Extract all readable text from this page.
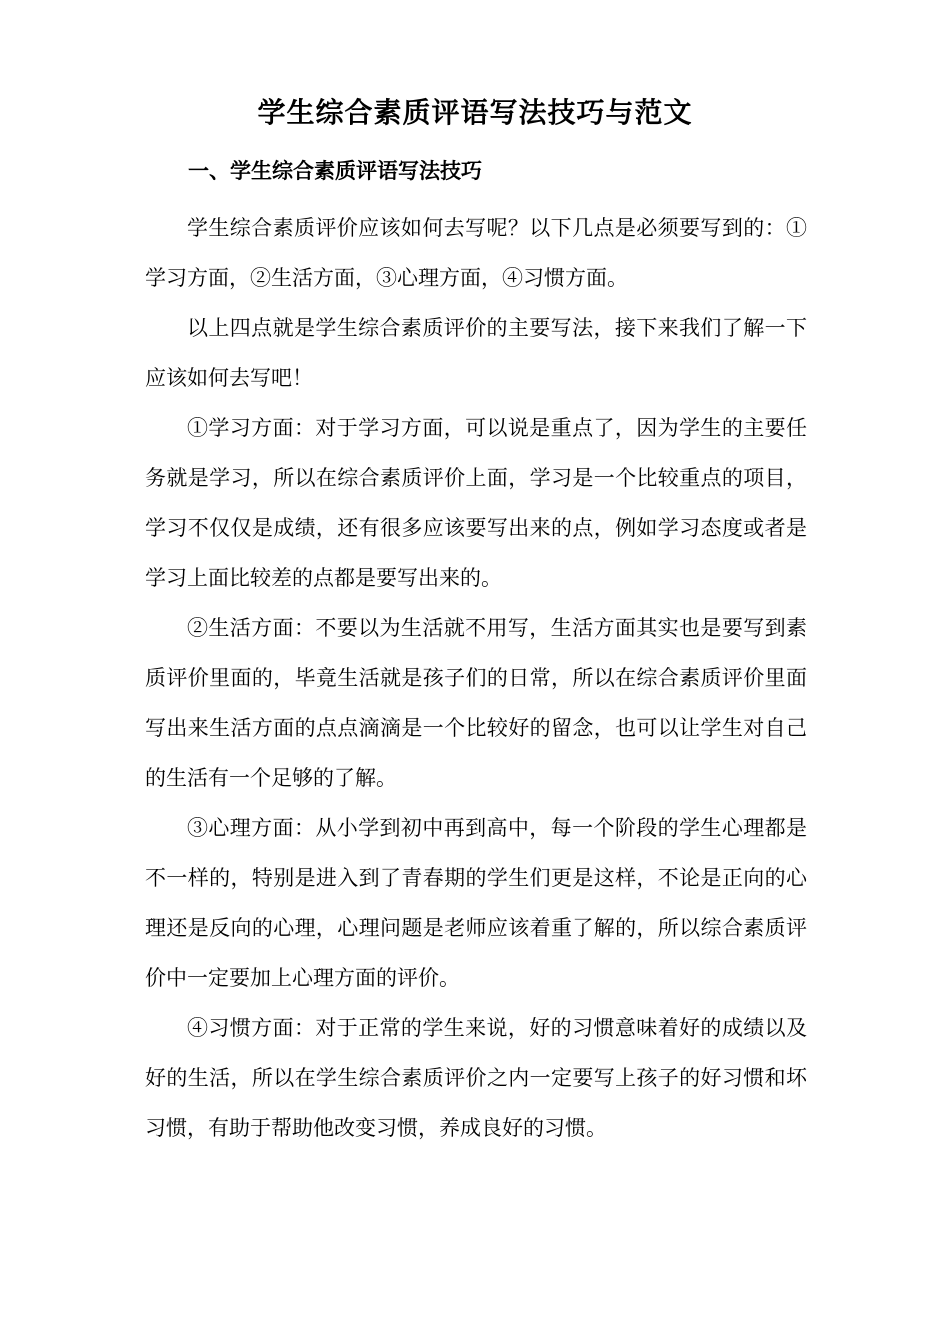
学生综合素质评语写法技巧与范文
一、学生综合素质评语写法技巧

学生综合素质评价应该如何去写呢？以下几点是必须要写到的：①学习方面，②生活方面，③心理方面，④习惯方面。

以上四点就是学生综合素质评价的主要写法，接下来我们了解一下应该如何去写吧！

①学习方面：对于学习方面，可以说是重点了，因为学生的主要任务就是学习，所以在综合素质评价上面，学习是一个比较重点的项目，学习不仅仅是成绩，还有很多应该要写出来的点，例如学习态度或者是学习上面比较差的点都是要写出来的。

②生活方面：不要以为生活就不用写，生活方面其实也是要写到素质评价里面的，毕竟生活就是孩子们的日常，所以在综合素质评价里面写出来生活方面的点点滴滴是一个比较好的留念，也可以让学生对自己的生活有一个足够的了解。

③心理方面：从小学到初中再到高中，每一个阶段的学生心理都是不一样的，特别是进入到了青春期的学生们更是这样，不论是正向的心理还是反向的心理，心理问题是老师应该着重了解的，所以综合素质评价中一定要加上心理方面的评价。

④习惯方面：对于正常的学生来说，好的习惯意味着好的成绩以及好的生活，所以在学生综合素质评价之内一定要写上孩子的好习惯和坏习惯，有助于帮助他改变习惯，养成良好的习惯。
